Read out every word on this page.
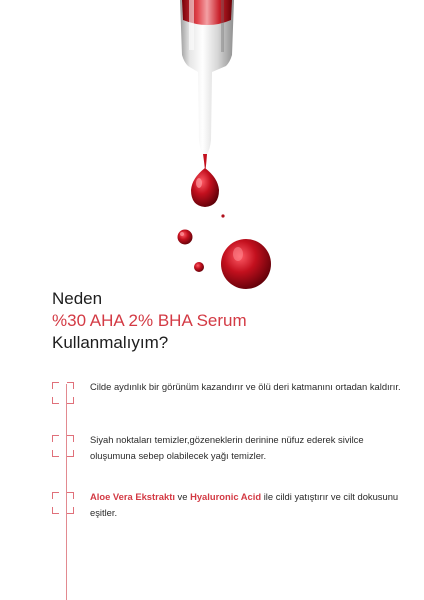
Neden
%30 AHA 2% BHA Serum
Kullanmalıyım?

Cilde aydınlık bir görünüm kazandırır ve ölü deri katmanını ortadan kaldırır.

Siyah noktaları temizler,gözeneklerin derinine nüfuz ederek sivilce oluşumuna sebep olabilecek yağı temizler.

Aloe Vera Ekstraktı ve Hyaluronic Acid ile cildi yatıştırır ve cilt dokusunu eşitler.
